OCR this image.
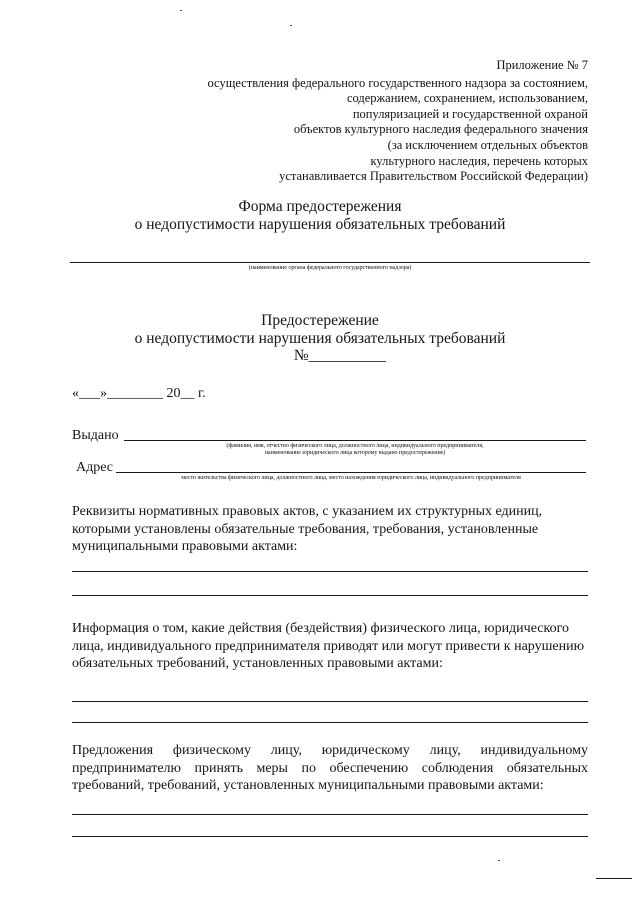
Приложение № 7
осуществления федерального государственного надзора за состоянием,
содержанием, сохранением, использованием,
популяризацией и государственной охраной
объектов культурного наследия федерального значения
(за исключением отдельных объектов
культурного наследия, перечень которых
устанавливается Правительством Российской Федерации)
Форма предостережения
о недопустимости нарушения обязательных требований
(наименование органа федерального государственного надзора)
Предостережение
о недопустимости нарушения обязательных требований
№__________
«___»________ 20__ г.
Выдано
(фамилия, имя, отчество физического лица, должностного лица, индивидуального предпринимателя,
наименование юридического лица которому выдано предостережение)
Адрес
место жительства физического лица, должностного лица, место нахождения юридического лица, индивидуального предпринимателя
Реквизиты нормативных правовых актов, с указанием их структурных единиц, которыми установлены обязательные требования, требования, установленные муниципальными правовыми актами:
Информация о том, какие действия (бездействия) физического лица, юридического лица, индивидуального предпринимателя приводят или могут привести к нарушению обязательных требований, установленных правовыми актами:
Предложения физическому лицу, юридическому лицу, индивидуальному предпринимателю принять меры по обеспечению соблюдения обязательных требований, требований, установленных муниципальными правовыми актами:
